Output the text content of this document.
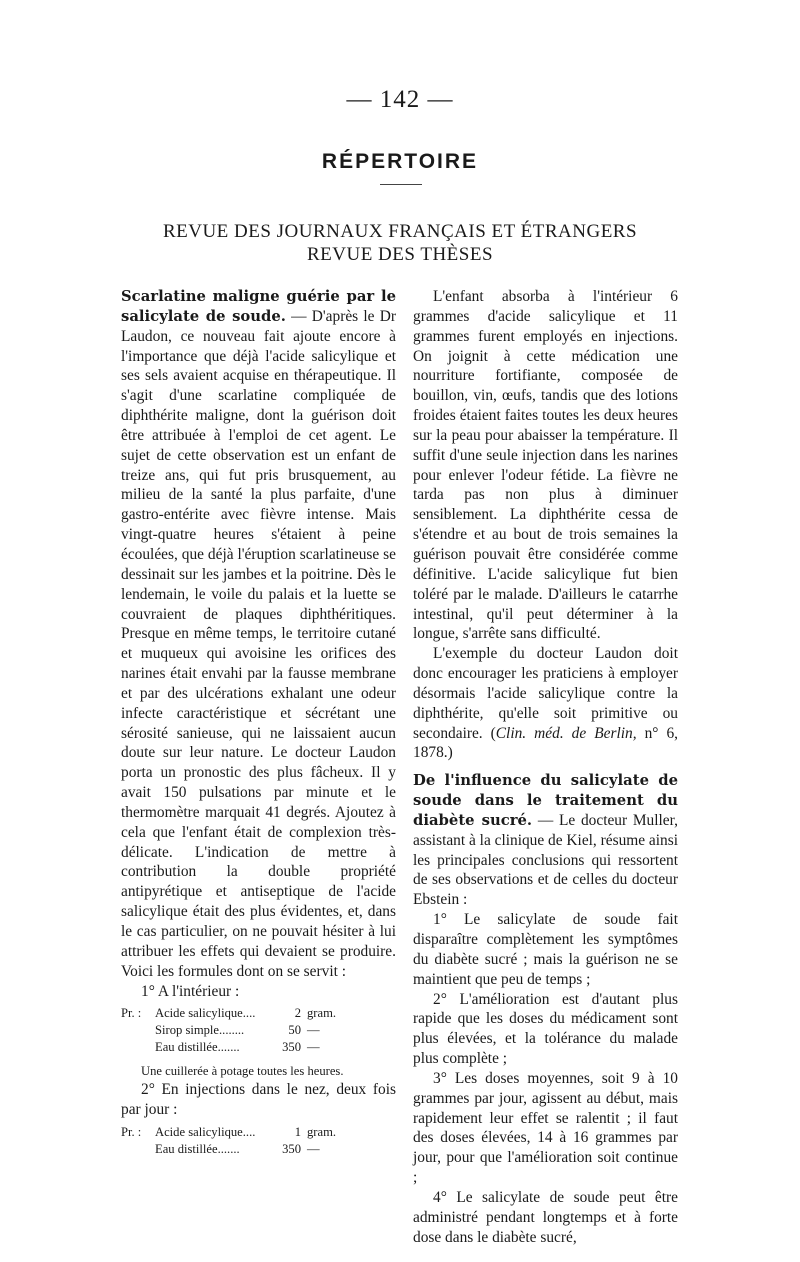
— 142 —
RÉPERTOIRE
REVUE DES JOURNAUX FRANÇAIS ET ÉTRANGERS
REVUE DES THÈSES

Scarlatine maligne guérie par le salicylate de soude. — D'après le Dr Laudon, ce nouveau fait ajoute encore à l'importance que déjà l'acide salicylique et ses sels avaient acquise en thérapeutique. Il s'agit d'une scarlatine compliquée de diphthérite maligne, dont la guérison doit être attribuée à l'emploi de cet agent. Le sujet de cette observation est un enfant de treize ans, qui fut pris brusquement, au milieu de la santé la plus parfaite, d'une gastro-entérite avec fièvre intense. Mais vingt-quatre heures s'étaient à peine écoulées, que déjà l'éruption scarlatineuse se dessinait sur les jambes et la poitrine. Dès le lendemain, le voile du palais et la luette se couvraient de plaques diphthéritiques. Presque en même temps, le territoire cutané et muqueux qui avoisine les orifices des narines était envahi par la fausse membrane et par des ulcérations exhalant une odeur infecte caractéristique et sécrétant une sérosité sanieuse, qui ne laissaient aucun doute sur leur nature. Le docteur Laudon porta un pronostic des plus fâcheux. Il y avait 150 pulsations par minute et le thermomètre marquait 41 degrés. Ajoutez à cela que l'enfant était de complexion très-délicate. L'indication de mettre à contribution la double propriété antipyrétique et antiseptique de l'acide salicylique était des plus évidentes, et, dans le cas particulier, on ne pouvait hésiter à lui attribuer les effets qui devaient se produire. Voici les formules dont on se servit :

1° A l'intérieur :

Pr. :	Acide salicylique....	2 gram.
Sirop simple........	50 —
Eau distillée.......	350 —

Une cuillerée à potage toutes les heures.

2° En injections dans le nez, deux fois par jour :

Pr. :	Acide salicylique....	1 gram.
Eau distillée.......	350 —

L'enfant absorba à l'intérieur 6 grammes d'acide salicylique et 11 grammes furent employés en injections. On joignit à cette médication une nourriture fortifiante, composée de bouillon, vin, œufs, tandis que des lotions froides étaient faites toutes les deux heures sur la peau pour abaisser la température. Il suffit d'une seule injection dans les narines pour enlever l'odeur fétide. La fièvre ne tarda pas non plus à diminuer sensiblement. La diphthérite cessa de s'étendre et au bout de trois semaines la guérison pouvait être considérée comme définitive. L'acide salicylique fut bien toléré par le malade. D'ailleurs le catarrhe intestinal, qu'il peut déterminer à la longue, s'arrête sans difficulté.

L'exemple du docteur Laudon doit donc encourager les praticiens à employer désormais l'acide salicylique contre la diphthérite, qu'elle soit primitive ou secondaire. (Clin. méd. de Berlin, n° 6, 1878.)

De l'influence du salicylate de soude dans le traitement du diabète sucré. — Le docteur Muller, assistant à la clinique de Kiel, résume ainsi les principales conclusions qui ressortent de ses observations et de celles du docteur Ebstein :

1° Le salicylate de soude fait disparaître complètement les symptômes du diabète sucré ; mais la guérison ne se maintient que peu de temps ;

2° L'amélioration est d'autant plus rapide que les doses du médicament sont plus élevées, et la tolérance du malade plus complète ;

3° Les doses moyennes, soit 9 à 10 grammes par jour, agissent au début, mais rapidement leur effet se ralentit ; il faut des doses élevées, 14 à 16 grammes par jour, pour que l'amélioration soit continue ;

4° Le salicylate de soude peut être administré pendant longtemps et à forte dose dans le diabète sucré,
